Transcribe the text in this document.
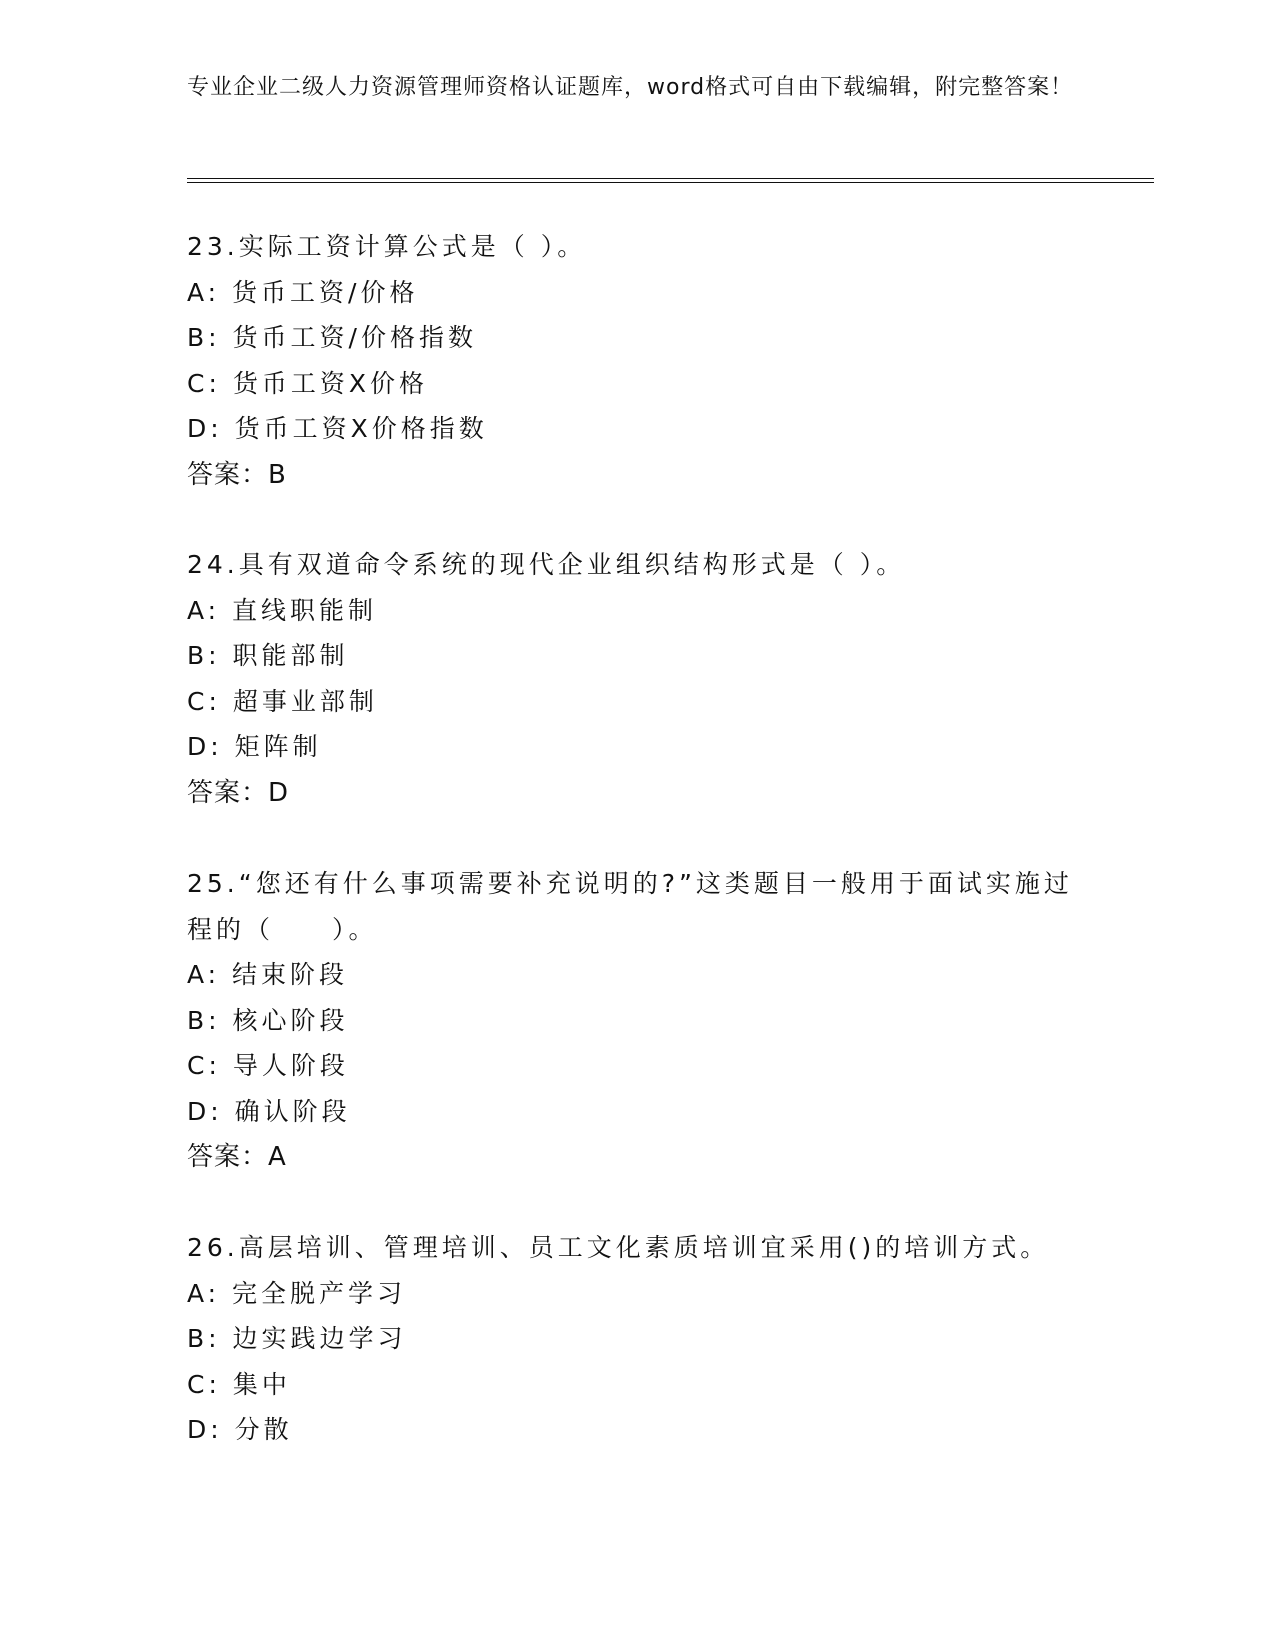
专业企业二级人力资源管理师资格认证题库，word格式可自由下载编辑，附完整答案！
23.实际工资计算公式是（ ）。
A: 货币工资/价格
B: 货币工资/价格指数
C: 货币工资X价格
D: 货币工资X价格指数
答案：B
24.具有双道命令系统的现代企业组织结构形式是（ ）。
A: 直线职能制
B: 职能部制
C: 超事业部制
D: 矩阵制
答案：D
25.“您还有什么事项需要补充说明的?”这类题目一般用于面试实施过程的（　　）。
A: 结束阶段
B: 核心阶段
C: 导人阶段
D: 确认阶段
答案：A
26.高层培训、管理培训、员工文化素质培训宜采用()的培训方式。
A: 完全脱产学习
B: 边实践边学习
C: 集中
D: 分散
